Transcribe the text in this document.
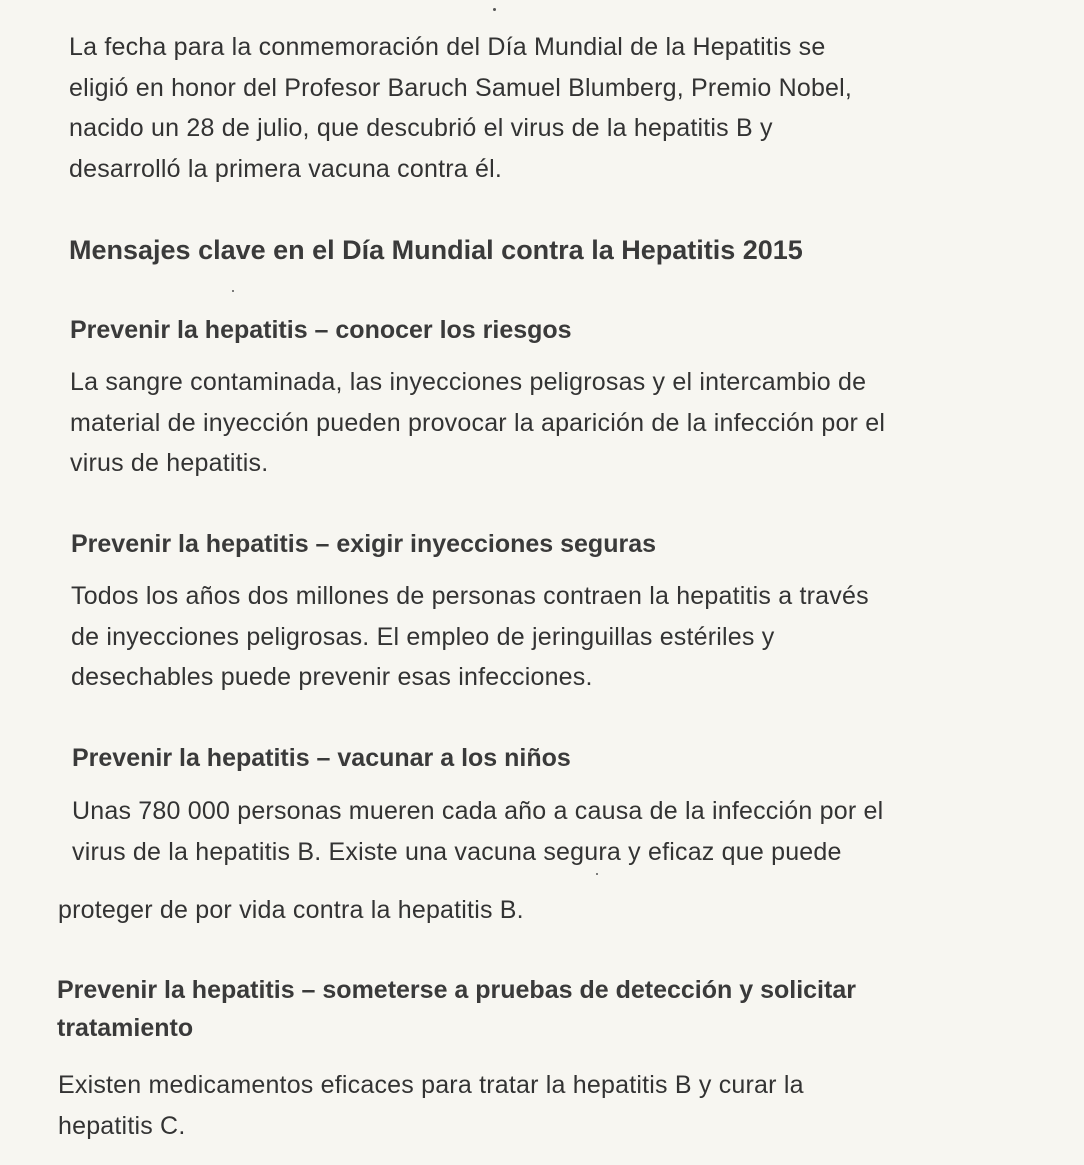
La fecha para la conmemoración del Día Mundial de la Hepatitis se
eligió en honor del Profesor Baruch Samuel Blumberg, Premio Nobel,
nacido un 28 de julio, que descubrió el virus de la hepatitis B y
desarrolló la primera vacuna contra él.

Mensajes clave en el Día Mundial contra la Hepatitis 2015
Prevenir la hepatitis – conocer los riesgos

La sangre contaminada, las inyecciones peligrosas y el intercambio de
material de inyección pueden provocar la aparición de la infección por el
virus de hepatitis.

Prevenir la hepatitis – exigir inyecciones seguras

Todos los años dos millones de personas contraen la hepatitis a través
de inyecciones peligrosas. El empleo de jeringuillas estériles y
desechables puede prevenir esas infecciones.

Prevenir la hepatitis – vacunar a los niños

Unas 780 000 personas mueren cada año a causa de la infección por el
virus de la hepatitis B. Existe una vacuna segura y eficaz que puede

proteger de por vida contra la hepatitis B.

Prevenir la hepatitis – someterse a pruebas de detección y solicitar
tratamiento

Existen medicamentos eficaces para tratar la hepatitis B y curar la
hepatitis C.
